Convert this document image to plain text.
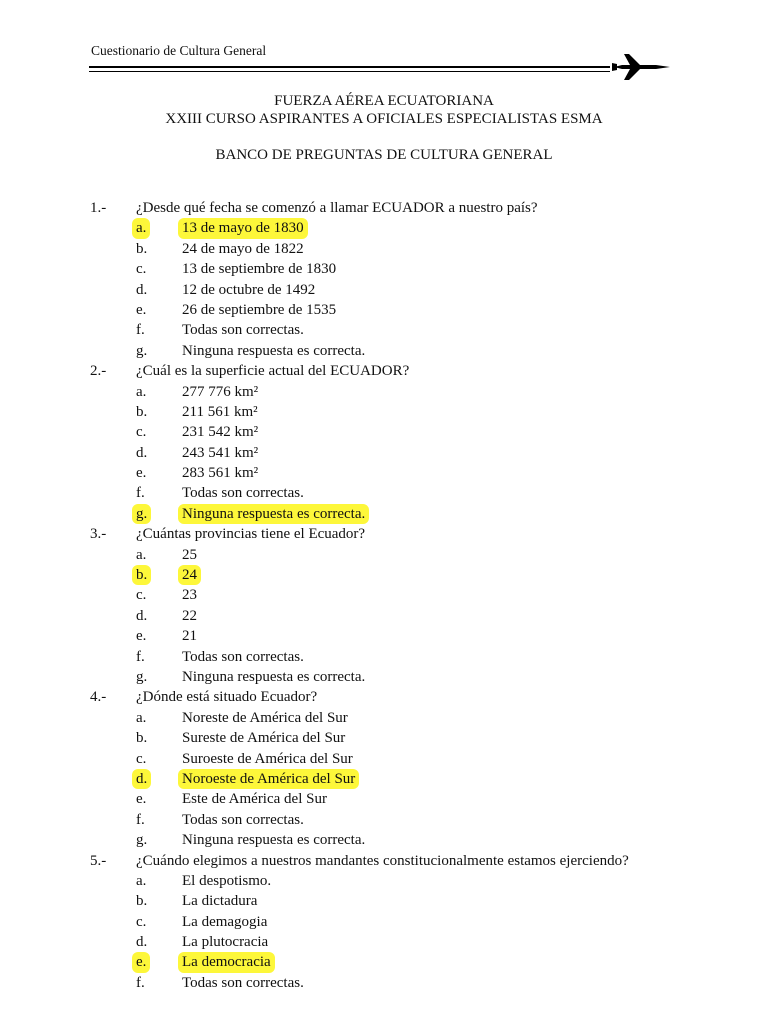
Cuestionario de Cultura General
FUERZA AÉREA ECUATORIANA
XXIII CURSO ASPIRANTES A OFICIALES ESPECIALISTAS ESMA
BANCO DE PREGUNTAS DE CULTURA GENERAL
1.- ¿Desde qué fecha se comenzó a llamar ECUADOR a nuestro país?
a. 13 de mayo de 1830
b. 24 de mayo de 1822
c. 13 de septiembre de 1830
d. 12 de octubre de 1492
e. 26 de septiembre de 1535
f. Todas son correctas.
g. Ninguna respuesta es correcta.
2.- ¿Cuál es la superficie actual del ECUADOR?
a. 277 776 km²
b. 211 561 km²
c. 231 542 km²
d. 243 541 km²
e. 283 561 km²
f. Todas son correctas.
g. Ninguna respuesta es correcta.
3.- ¿Cuántas provincias tiene el Ecuador?
a. 25
b. 24
c. 23
d. 22
e. 21
f. Todas son correctas.
g. Ninguna respuesta es correcta.
4.- ¿Dónde está situado Ecuador?
a. Noreste de América del Sur
b. Sureste de América del Sur
c. Suroeste de América del Sur
d. Noroeste de América del Sur
e. Este de América del Sur
f. Todas son correctas.
g. Ninguna respuesta es correcta.
5.- ¿Cuándo elegimos a nuestros mandantes constitucionalmente estamos ejerciendo?
a. El despotismo.
b. La dictadura
c. La demagogia
d. La plutocracia
e. La democracia
f. Todas son correctas.
